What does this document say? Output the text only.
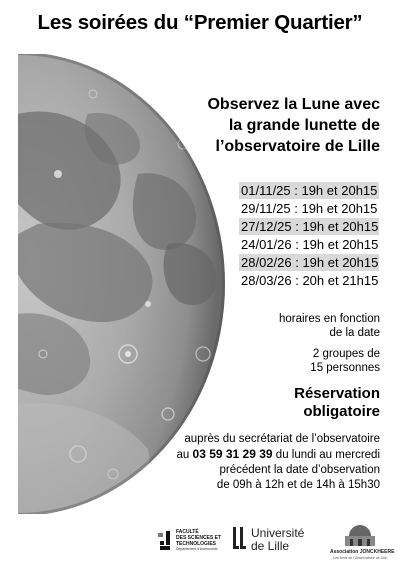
Les soirées du “Premier Quartier”
Observez la Lune avec
la grande lunette de
l’observatoire de Lille
01/11/25 : 19h et 20h15
29/11/25 : 19h et 20h15
27/12/25 : 19h et 20h15
24/01/26 : 19h et 20h15
28/02/26 : 19h et 20h15
28/03/26 : 20h et 21h15
horaires en fonction
de la date
2 groupes de
15 personnes
Réservation
obligatoire
auprès du secrétariat de l’observatoire
au 03 59 31 29 39 du lundi au mercredi
précédent la date d’observation
de 09h à 12h et de 14h à 15h30
FACULTÉ
DES SCIENCES ET
TECHNOLOGIES
Département d’Astronomie
Université
de Lille	Association JONCKHEERE
Les Amis de l’Observatoire de Lille
